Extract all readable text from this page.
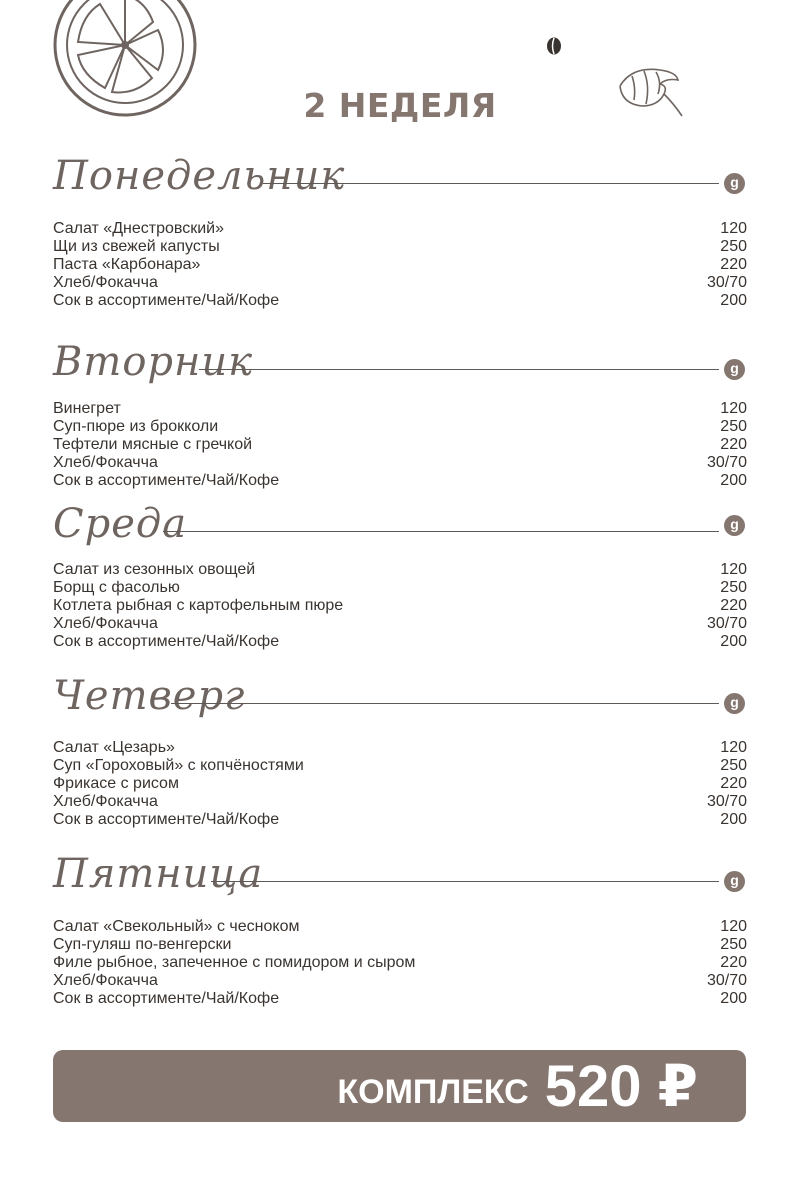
2 НЕДЕЛЯ
Понедельник	g
Салат «Днестровский»	120
Щи из свежей капусты	250
Паста «Карбонара»	220
Хлеб/Фокачча	30/70
Сок в ассортименте/Чай/Кофе	200
Вторник	g
Винегрет	120
Суп-пюре из брокколи	250
Тефтели мясные с гречкой	220
Хлеб/Фокачча	30/70
Сок в ассортименте/Чай/Кофе	200
Среда	g
Салат из сезонных овощей	120
Борщ с фасолью	250
Котлета рыбная с картофельным пюре	220
Хлеб/Фокачча	30/70
Сок в ассортименте/Чай/Кофе	200
Четверг	g
Салат «Цезарь»	120
Суп «Гороховый» с копчёностями	250
Фрикасе с рисом	220
Хлеб/Фокачча	30/70
Сок в ассортименте/Чай/Кофе	200
Пятница	g
Салат «Свекольный» с чесноком	120
Суп-гуляш по-венгерски	250
Филе рыбное, запеченное с помидором и сыром	220
Хлеб/Фокачча	30/70
Сок в ассортименте/Чай/Кофе	200
КОМПЛЕКС 520 ₽
